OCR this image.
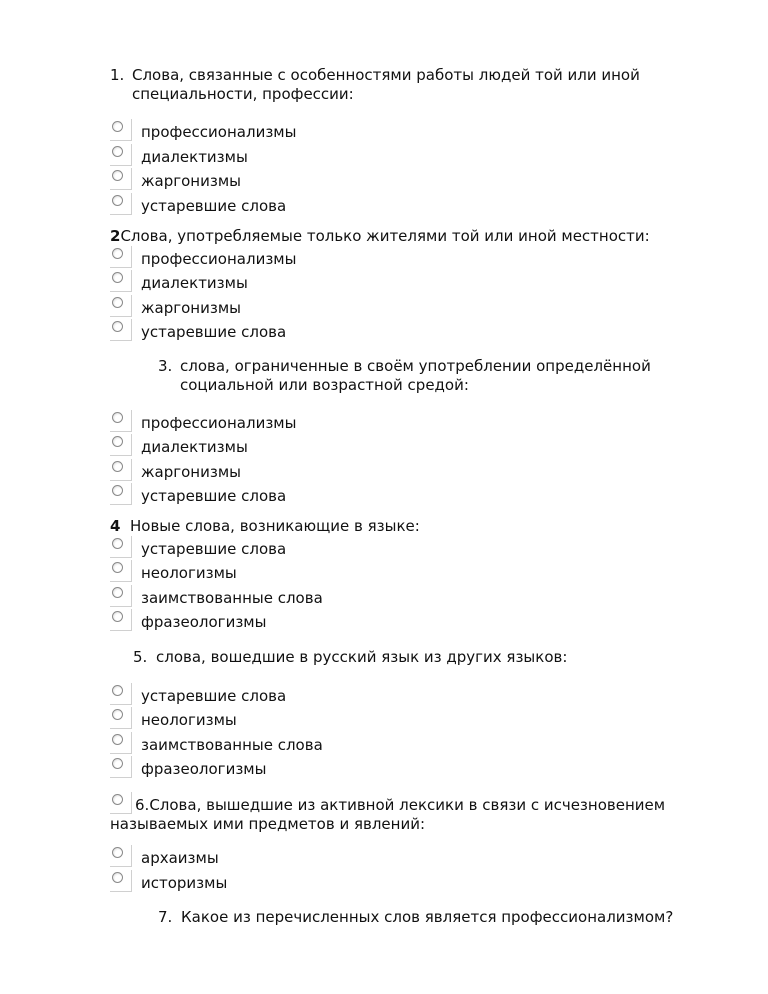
1. Слова, связанные с особенностями работы людей той или иной
специальности, профессии:
профессионализмы
диалектизмы
жаргонизмы
устаревшие слова
2Слова, употребляемые только жителями той или иной местности:
профессионализмы
диалектизмы
жаргонизмы
устаревшие слова
3. слова, ограниченные в своём употреблении определённой
социальной или возрастной средой:
профессионализмы
диалектизмы
жаргонизмы
устаревшие слова
4 Новые слова, возникающие в языке:
устаревшие слова
неологизмы
заимствованные слова
фразеологизмы
5. слова, вошедшие в русский язык из других языков:
устаревшие слова
неологизмы
заимствованные слова
фразеологизмы
6.Слова, вышедшие из активной лексики в связи с исчезновением
называемых ими предметов и явлений:
архаизмы
историзмы
7. Какое из перечисленных слов является профессионализмом?
